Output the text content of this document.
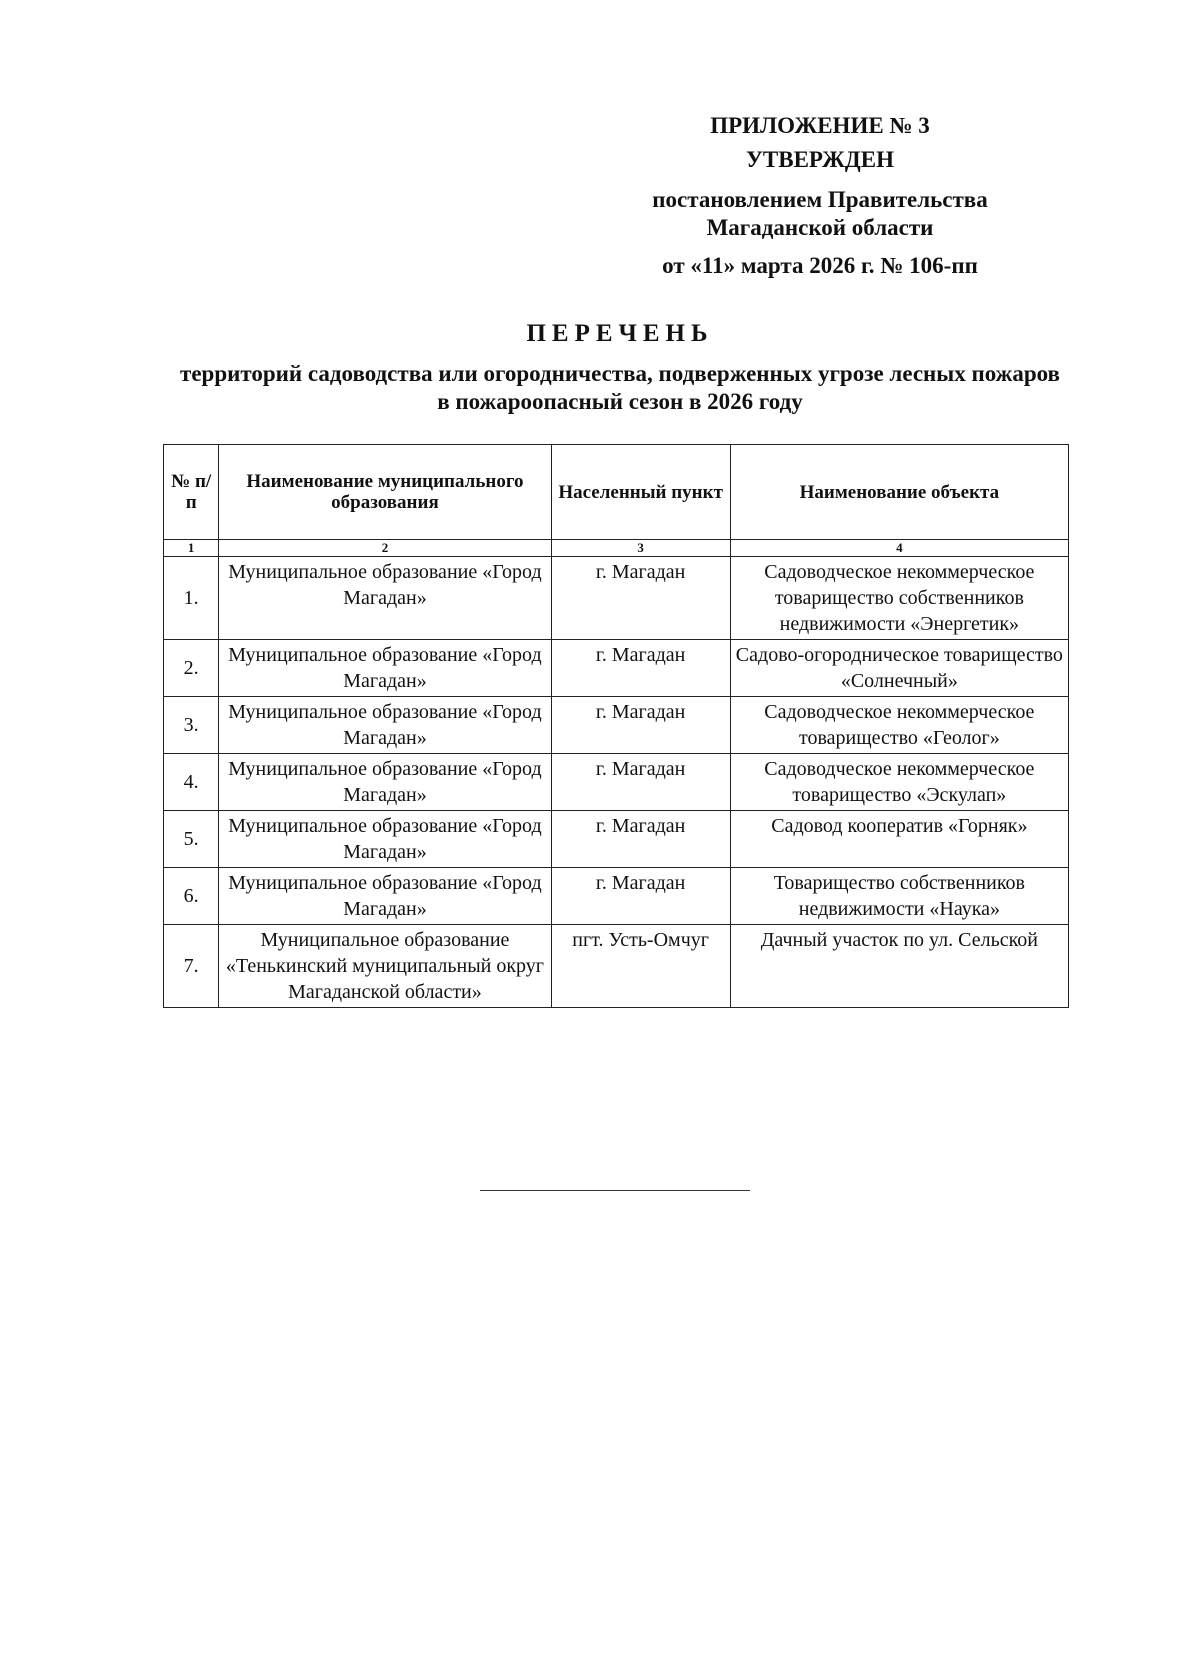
ПРИЛОЖЕНИЕ № 3
УТВЕРЖДЕН
постановлением Правительства
Магаданской области
от «11» марта 2026 г. № 106-пп
ПЕРЕЧЕНЬ
территорий садоводства или огородничества, подверженных угрозе лесных пожаров в пожароопасный сезон в 2026 году
№ п/п	Наименование муниципального образования	Населенный пункт	Наименование объекта
1	2	3	4
1.	Муниципальное образование «Город Магадан»	г. Магадан	Садоводческое некоммерческое товарищество собственников недвижимости «Энергетик»
2.	Муниципальное образование «Город Магадан»	г. Магадан	Садово-огородническое товарищество «Солнечный»
3.	Муниципальное образование «Город Магадан»	г. Магадан	Садоводческое некоммерческое товарищество «Геолог»
4.	Муниципальное образование «Город Магадан»	г. Магадан	Садоводческое некоммерческое товарищество «Эскулап»
5.	Муниципальное образование «Город Магадан»	г. Магадан	Садовод кооператив «Горняк»
6.	Муниципальное образование «Город Магадан»	г. Магадан	Товарищество собственников недвижимости «Наука»
7.	Муниципальное образование «Тенькинский муниципальный округ Магаданской области»	пгт. Усть-Омчуг	Дачный участок по ул. Сельской
